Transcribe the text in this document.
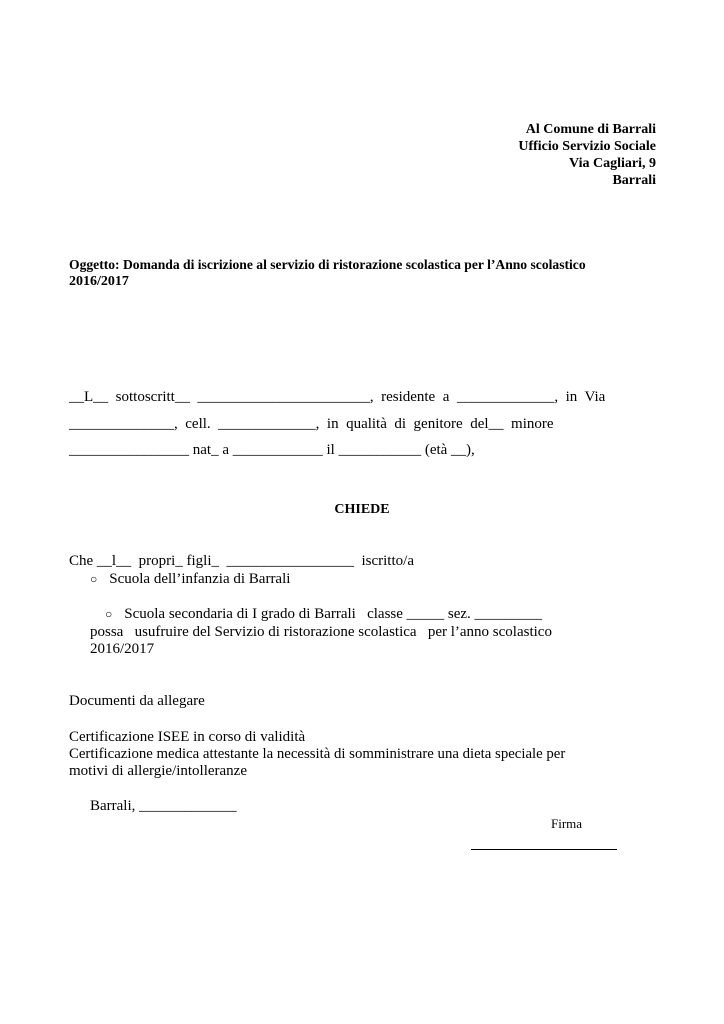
Al Comune di Barrali
Ufficio Servizio Sociale
Via Cagliari, 9
Barrali
Oggetto: Domanda di iscrizione al servizio di ristorazione scolastica per l’Anno scolastico
2016/2017
__L__  sottoscritt__  _______________________,  residente  a  _____________,  in  Via
______________,  cell.  _____________,  in  qualità  di  genitore  del__  minore
________________ nat_ a ____________ il ___________ (età __),
CHIEDE
Che __l__  propri_ figli_  _________________  iscritto/a
○ Scuola dell’infanzia di Barrali

○ Scuola secondaria di I grado di Barrali   classe _____ sez. _________

possa   usufruire del Servizio di ristorazione scolastica   per l’anno scolastico
2016/2017
Documenti da allegare
Certificazione ISEE in corso di validità
Certificazione medica attestante la necessità di somministrare una dieta speciale per
motivi di allergie/intolleranze
Barrali, _____________
Firma
